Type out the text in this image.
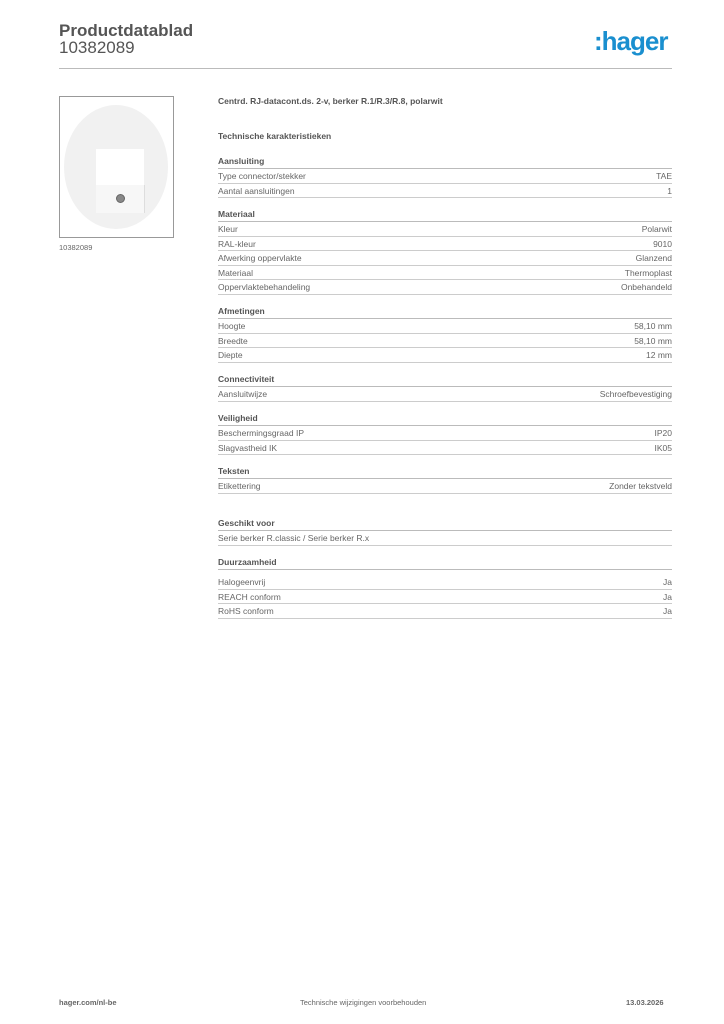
Productdatablad
10382089	:hager
10382089
Centrd. RJ-datacont.ds. 2-v, berker R.1/R.3/R.8, polarwit
Technische karakteristieken
Aansluiting
Type connector/stekker	TAE
Aantal aansluitingen	1
Materiaal
Kleur	Polarwit
RAL-kleur	9010
Afwerking oppervlakte	Glanzend
Materiaal	Thermoplast
Oppervlaktebehandeling	Onbehandeld
Afmetingen
Hoogte	58,10 mm
Breedte	58,10 mm
Diepte	12 mm
Connectiviteit
Aansluitwijze	Schroefbevestiging
Veiligheid
Beschermingsgraad IP	IP20
Slagvastheid IK	IK05
Teksten
Etikettering	Zonder tekstveld
Geschikt voor
Serie berker R.classic / Serie berker R.x
Duurzaamheid
Halogeenvrij	Ja
REACH conform	Ja
RoHS conform	Ja
hager.com/nl-be	Technische wijzigingen voorbehouden	13.03.2026
